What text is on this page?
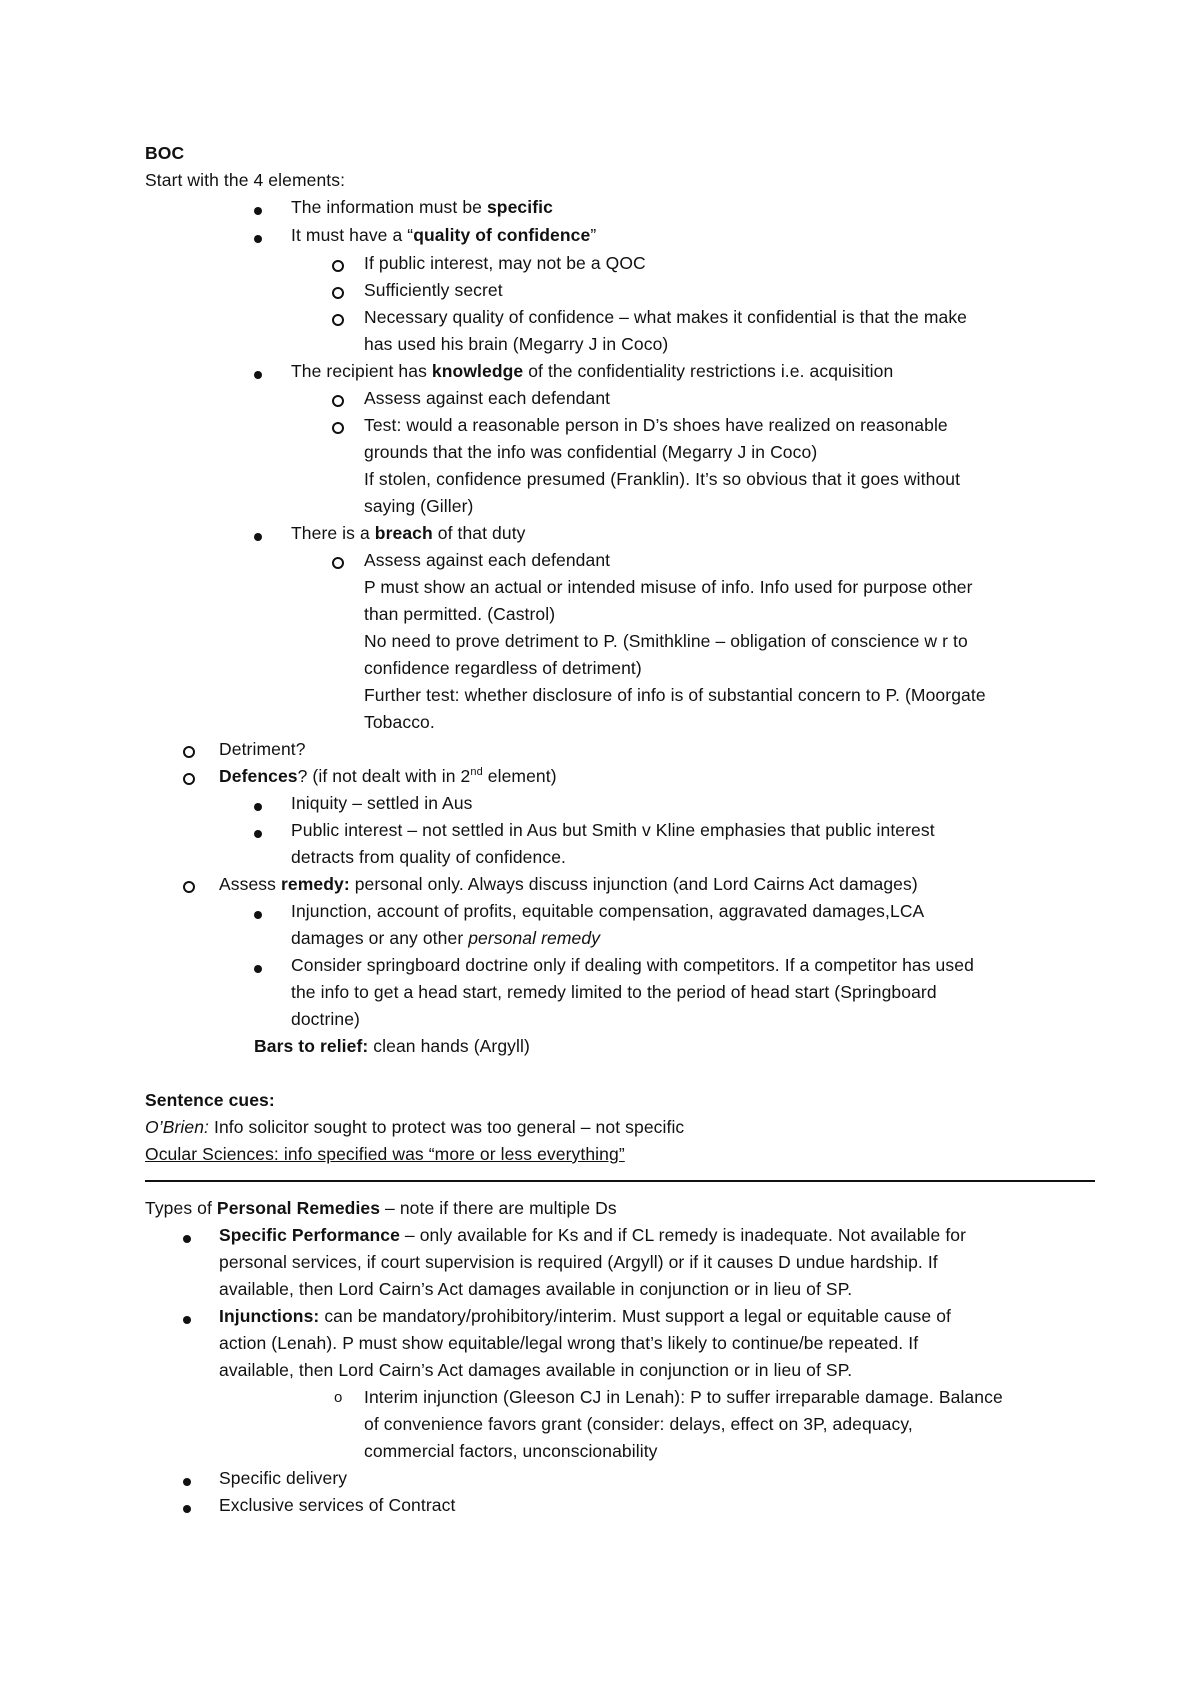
BOC
Start with the 4 elements:
The information must be specific
It must have a “quality of confidence”
If public interest, may not be a QOC
Sufficiently secret
Necessary quality of confidence – what makes it confidential is that the make
has used his brain (Megarry J in Coco)
The recipient has knowledge of the confidentiality restrictions i.e. acquisition
Assess against each defendant
Test: would a reasonable person in D’s shoes have realized on reasonable
grounds that the info was confidential (Megarry J in Coco)
If stolen, confidence presumed (Franklin). It’s so obvious that it goes without
saying (Giller)
There is a breach of that duty
Assess against each defendant
P must show an actual or intended misuse of info. Info used for purpose other
than permitted. (Castrol)
No need to prove detriment to P. (Smithkline – obligation of conscience w r to
confidence regardless of detriment)
Further test: whether disclosure of info is of substantial concern to P. (Moorgate
Tobacco.
Detriment?
Defences? (if not dealt with in 2nd element)
Iniquity – settled in Aus
Public interest – not settled in Aus but Smith v Kline emphasies that public interest
detracts from quality of confidence.
Assess remedy: personal only. Always discuss injunction (and Lord Cairns Act damages)
Injunction, account of profits, equitable compensation, aggravated damages,LCA
damages or any other personal remedy
Consider springboard doctrine only if dealing with competitors. If a competitor has used
the info to get a head start, remedy limited to the period of head start (Springboard
doctrine)
Bars to relief: clean hands (Argyll)
Sentence cues:
O’Brien: Info solicitor sought to protect was too general – not specific
Ocular Sciences: info specified was “more or less everything”
Types of Personal Remedies – note if there are multiple Ds
Specific Performance – only available for Ks and if CL remedy is inadequate. Not available for
personal services, if court supervision is required (Argyll) or if it causes D undue hardship. If
available, then Lord Cairn’s Act damages available in conjunction or in lieu of SP.
Injunctions: can be mandatory/prohibitory/interim. Must support a legal or equitable cause of
action (Lenah). P must show equitable/legal wrong that’s likely to continue/be repeated. If
available, then Lord Cairn’s Act damages available in conjunction or in lieu of SP.
o Interim injunction (Gleeson CJ in Lenah): P to suffer irreparable damage. Balance
of convenience favors grant (consider: delays, effect on 3P, adequacy,
commercial factors, unconscionability
Specific delivery
Exclusive services of Contract
